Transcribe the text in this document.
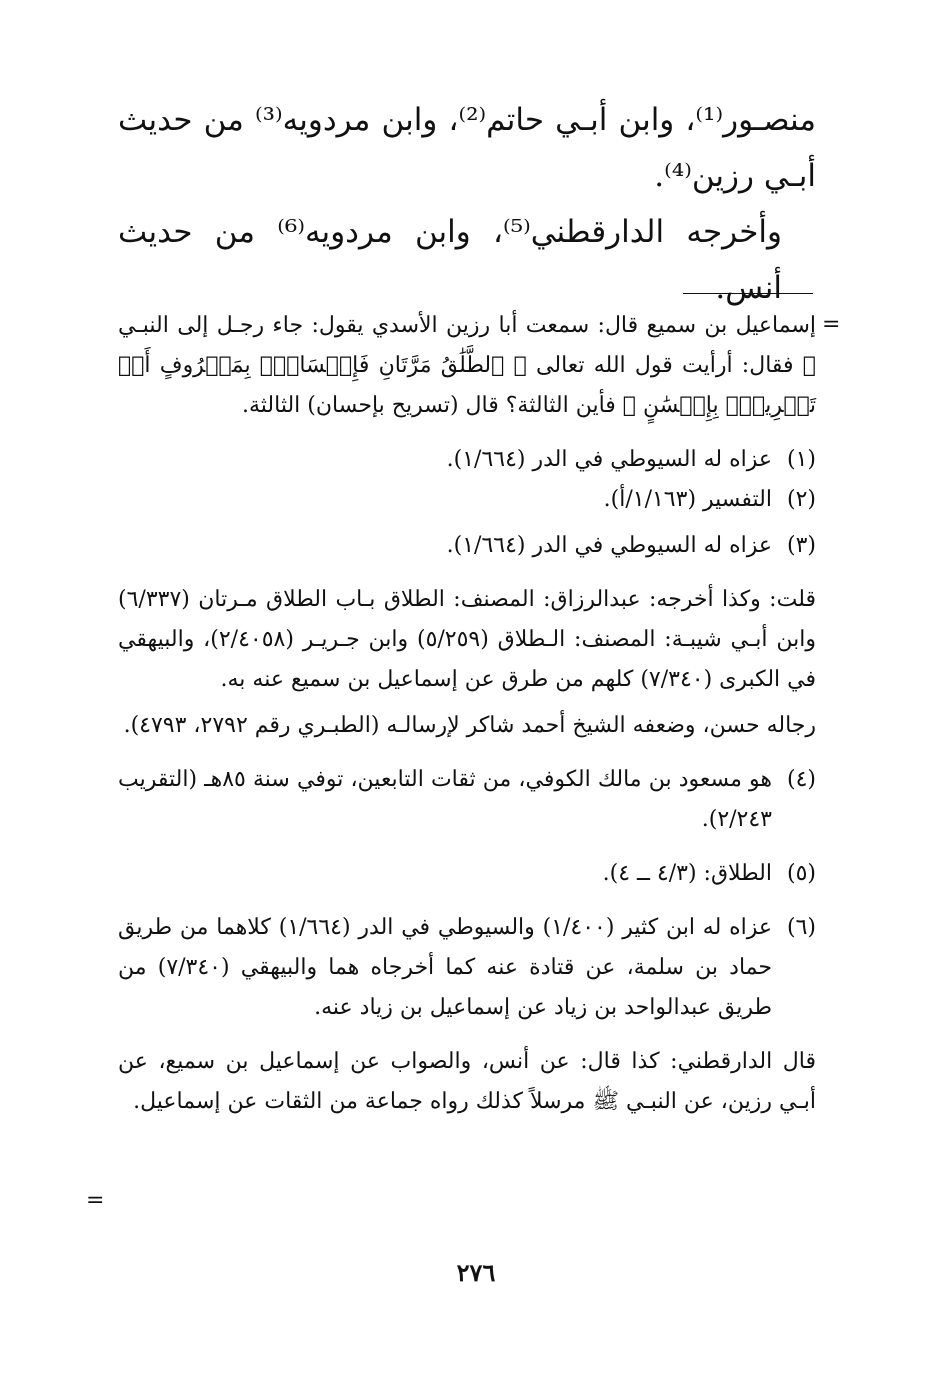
منصـور⁽¹⁾، وابن أبـي حاتم⁽²⁾، وابن مردويه⁽³⁾ من حديث أبـي رزين⁽⁴⁾.

وأخرجه الدارقطني⁽⁵⁾، وابن مردويه⁽⁶⁾ من حديث أنس.

=

إسماعيل بن سميع قال: سمعت أبا رزين الأسدي يقول: جاء رجـل إلى النبـي ﷺ فقال: أرأيت قول الله تعالى ﴿ ٱلطَّلَٰقُ مَرَّتَانِ فَإِمۡسَاكُۢ بِمَعۡرُوفٍ أَوۡ تَسۡرِيحُۢ بِإِحۡسَٰنٍ ﴾ فأين الثالثة؟ قال (تسريح بإحسان) الثالثة.

(١)
عزاه له السيوطي في الدر (١/٦٦٤).
(٢)
التفسير (١/١٦٣/أ).
(٣)
عزاه له السيوطي في الدر (١/٦٦٤).

قلت: وكذا أخرجه: عبدالرزاق: المصنف: الطلاق بـاب الطلاق مـرتان (٦/٣٣٧) وابن أبـي شيبـة: المصنف: الـطلاق (٥/٢٥٩) وابن جـريـر (٢/٤٠٥٨)، والبيهقي في الكبرى (٧/٣٤٠) كلهم من طرق عن إسماعيل بن سميع عنه به.

رجاله حسن، وضعفه الشيخ أحمد شاكر لإرسالـه (الطبـري رقم ٢٧٩٢، ٤٧٩٣).

(٤)
هو مسعود بن مالك الكوفي، من ثقات التابعين، توفي سنة ٨٥هـ (التقريب ٢/٢٤٣).
(٥)
الطلاق: (٤/٣ ــ ٤).
(٦)
عزاه له ابن كثير (١/٤٠٠) والسيوطي في الدر (١/٦٦٤) كلاهما من طريق حماد بن سلمة، عن قتادة عنه كما أخرجاه هما والبيهقي (٧/٣٤٠) من طريق عبدالواحد بن زياد عن إسماعيل بن زياد عنه.

قال الدارقطني: كذا قال: عن أنس، والصواب عن إسماعيل بن سميع، عن أبـي رزين، عن النبـي ﷺ مرسلاً كذلك رواه جماعة من الثقات عن إسماعيل.

=
٢٧٦
